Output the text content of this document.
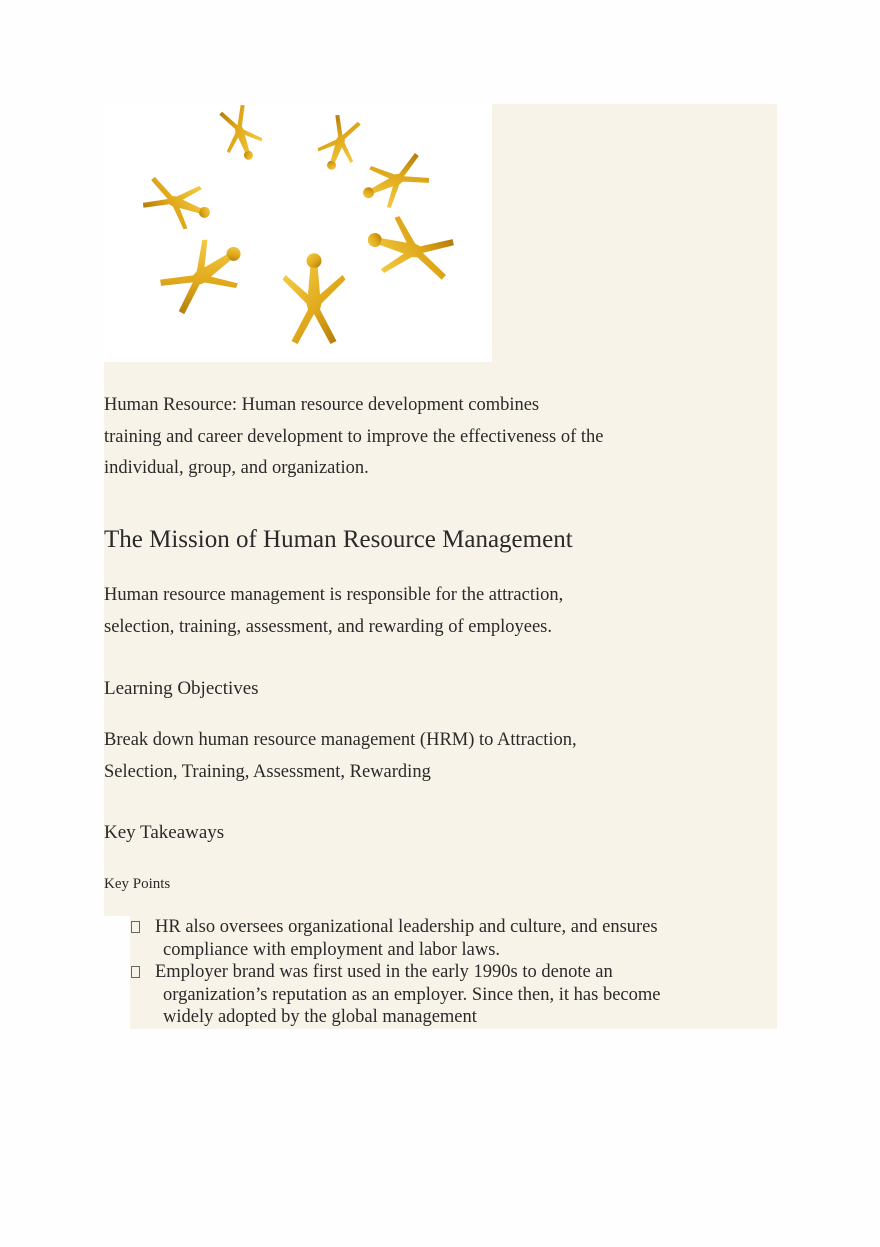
Human Resource: Human resource development combines
training and career development to improve the effectiveness of the
individual, group, and organization.

The Mission of Human Resource Management

Human resource management is responsible for the attraction,
selection, training, assessment, and rewarding of employees.

Learning Objectives

Break down human resource management (HRM) to Attraction,
Selection, Training, Assessment, Rewarding

Key Takeaways
Key Points
HR also oversees organizational leadership and culture, and ensures compliance with employment and labor laws.
Employer brand was first used in the early 1990s to denote an organization’s reputation as an employer. Since then, it has become widely adopted by the global management
